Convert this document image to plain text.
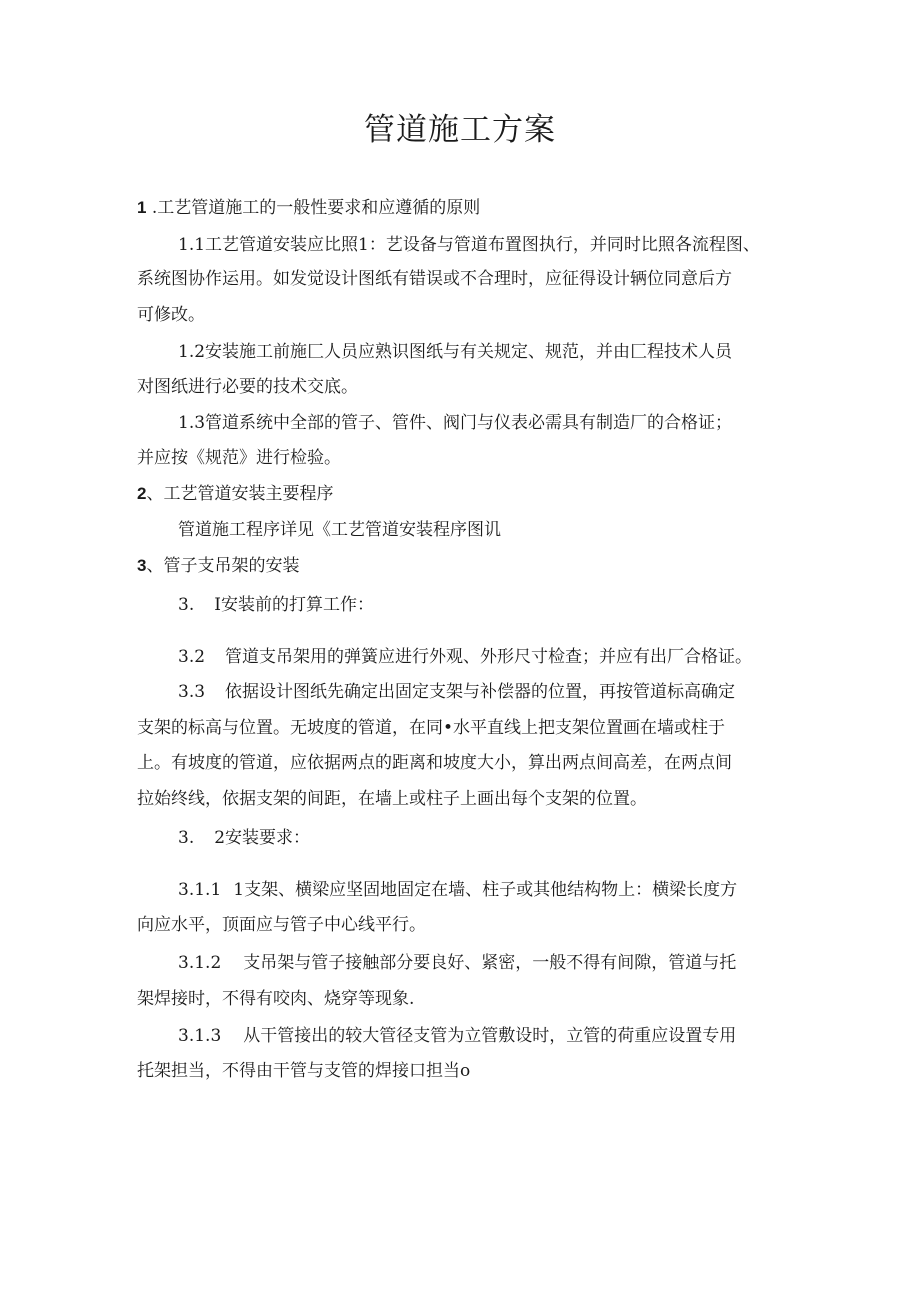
管道施工方案
1 .工艺管道施工的一般性要求和应遵循的原则
1.1工艺管道安装应比照1：艺设备与管道布置图执行，并同时比照各流程图、
系统图协作运用。如发觉设计图纸有错误或不合理时，应征得设计辆位同意后方
可修改。
1.2安装施工前施匚人员应熟识图纸与有关规定、规范，并由匚程技术人员
对图纸进行必要的技术交底。
1.3管道系统中全部的管子、管件、阀门与仪表必需具有制造厂的合格证；
并应按《规范》进行检验。
2、工艺管道安装主要程序
管道施工程序详见《工艺管道安装程序图讥
3、管子支吊架的安装
3. I安装前的打算工作：
3.2 管道支吊架用的弹簧应进行外观、外形尺寸检查；并应有出厂合格证。
3.3 依据设计图纸先确定出固定支架与补偿器的位置，再按管道标高确定
支架的标高与位置。无坡度的管道，在同•水平直线上把支架位置画在墙或柱于
上。有坡度的管道，应依据两点的距离和坡度大小，算出两点间高差，在两点间
拉始终线，依据支架的间距，在墙上或柱子上画出每个支架的位置。
3. 2安装要求：
3.1.1 1支架、横梁应坚固地固定在墙、柱子或其他结构物上：横梁长度方
向应水平，顶面应与管子中心线平行。
3.1.2 支吊架与管子接触部分要良好、紧密，一般不得有间隙，管道与托
架焊接时，不得有咬肉、烧穿等现象.
3.1.3 从干管接出的较大管径支管为立管敷设时，立管的荷重应设置专用
托架担当，不得由干管与支管的焊接口担当o
